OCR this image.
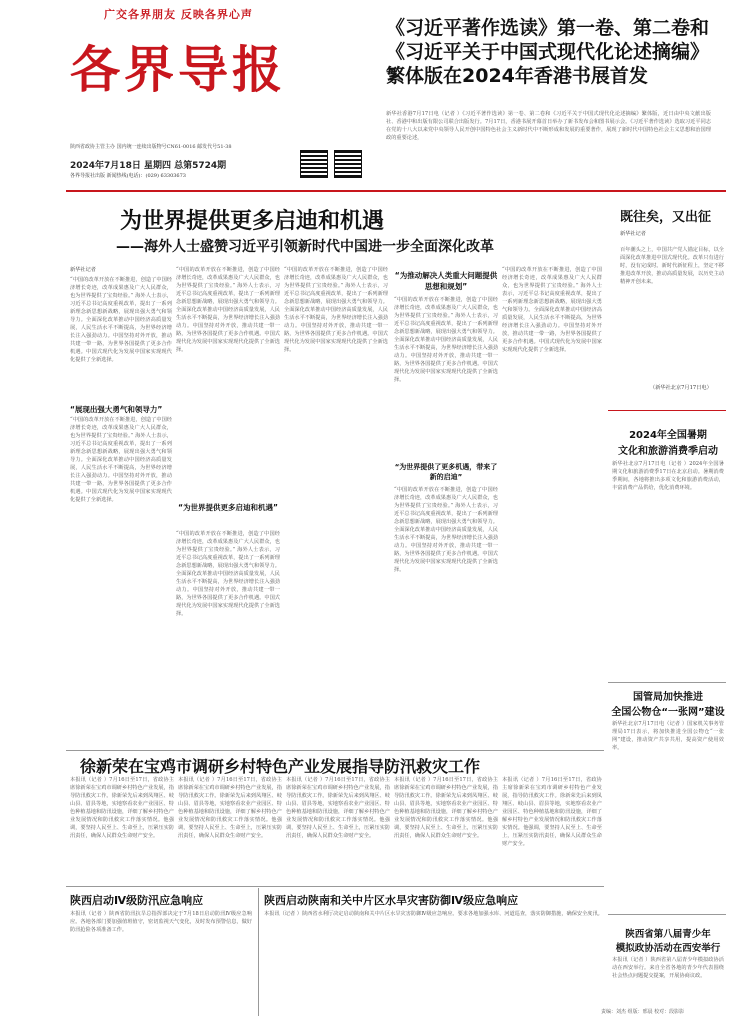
广交各界朋友 反映各界心声
各界导报
陕西省政协主管主办 国内统一连续出版物号CN61-0016 邮发代号51-38
2024年7月18日 星期四 总第5724期
各界导报社出版 新闻热线(电话)：(029) 63303673
《习近平著作选读》第一卷、第二卷和
《习近平关于中国式现代化论述摘编》
繁体版在2024年香港书展首发
新华社香港7月17日电（记者 ）《习近平著作选读》第一卷、第二卷和《习近平关于中国式现代化论述摘编》繁体版，近日由中央文献出版社、香港中和出版有限公司联合出版发行。7月17日，香港书展开幕首日举办了新书发布会和图书展示会。《习近平著作选读》选取习近平同志在党的十八大以来党中央领导人民开创中国特色社会主义新时代中不断形成和发展的重要著作，展现了新时代中国特色社会主义思想和治国理政的重要论述，
为世界提供更多启迪和机遇
——海外人士盛赞习近平引领新时代中国进一步全面深化改革
新华社记者
“中国的改革开放在不断推进，创造了中国经济增长奇迹，改革成果惠及广大人民群众，也为世界提供了宝贵经验。” 海外人士表示，习近平总书记高度重视改革，提出了一系列新理念新思想新战略，展现出强大勇气和领导力。全面深化改革推动中国经济高质量发展，人民生活水平不断提高，为世界经济增长注入强劲动力。中国坚持对外开放，推动共建一带一路，为世界各国提供了更多合作机遇。中国式现代化为发展中国家实现现代化提供了全新选择。
“展现出强大勇气和领导力”
“中国的改革开放在不断推进，创造了中国经济增长奇迹，改革成果惠及广大人民群众，也为世界提供了宝贵经验。” 海外人士表示，习近平总书记高度重视改革，提出了一系列新理念新思想新战略，展现出强大勇气和领导力。全面深化改革推动中国经济高质量发展，人民生活水平不断提高，为世界经济增长注入强劲动力。中国坚持对外开放，推动共建一带一路，为世界各国提供了更多合作机遇。中国式现代化为发展中国家实现现代化提供了全新选择。
“中国的改革开放在不断推进，创造了中国经济增长奇迹，改革成果惠及广大人民群众，也为世界提供了宝贵经验。” 海外人士表示，习近平总书记高度重视改革，提出了一系列新理念新思想新战略，展现出强大勇气和领导力。全面深化改革推动中国经济高质量发展，人民生活水平不断提高，为世界经济增长注入强劲动力。中国坚持对外开放，推动共建一带一路，为世界各国提供了更多合作机遇。中国式现代化为发展中国家实现现代化提供了全新选择。
“为世界提供更多启迪和机遇”
“中国的改革开放在不断推进，创造了中国经济增长奇迹，改革成果惠及广大人民群众，也为世界提供了宝贵经验。” 海外人士表示，习近平总书记高度重视改革，提出了一系列新理念新思想新战略，展现出强大勇气和领导力。全面深化改革推动中国经济高质量发展，人民生活水平不断提高，为世界经济增长注入强劲动力。中国坚持对外开放，推动共建一带一路，为世界各国提供了更多合作机遇。中国式现代化为发展中国家实现现代化提供了全新选择。
“中国的改革开放在不断推进，创造了中国经济增长奇迹，改革成果惠及广大人民群众，也为世界提供了宝贵经验。” 海外人士表示，习近平总书记高度重视改革，提出了一系列新理念新思想新战略，展现出强大勇气和领导力。全面深化改革推动中国经济高质量发展，人民生活水平不断提高，为世界经济增长注入强劲动力。中国坚持对外开放，推动共建一带一路，为世界各国提供了更多合作机遇。中国式现代化为发展中国家实现现代化提供了全新选择。
“为推动解决人类重大问题提供思想和规划”
“中国的改革开放在不断推进，创造了中国经济增长奇迹，改革成果惠及广大人民群众，也为世界提供了宝贵经验。” 海外人士表示，习近平总书记高度重视改革，提出了一系列新理念新思想新战略，展现出强大勇气和领导力。全面深化改革推动中国经济高质量发展，人民生活水平不断提高，为世界经济增长注入强劲动力。中国坚持对外开放，推动共建一带一路，为世界各国提供了更多合作机遇。中国式现代化为发展中国家实现现代化提供了全新选择。
“为世界提供了更多机遇，带来了新的启迪”
“中国的改革开放在不断推进，创造了中国经济增长奇迹，改革成果惠及广大人民群众，也为世界提供了宝贵经验。” 海外人士表示，习近平总书记高度重视改革，提出了一系列新理念新思想新战略，展现出强大勇气和领导力。全面深化改革推动中国经济高质量发展，人民生活水平不断提高，为世界经济增长注入强劲动力。中国坚持对外开放，推动共建一带一路，为世界各国提供了更多合作机遇。中国式现代化为发展中国家实现现代化提供了全新选择。
“中国的改革开放在不断推进，创造了中国经济增长奇迹，改革成果惠及广大人民群众，也为世界提供了宝贵经验。” 海外人士表示，习近平总书记高度重视改革，提出了一系列新理念新思想新战略，展现出强大勇气和领导力。全面深化改革推动中国经济高质量发展，人民生活水平不断提高，为世界经济增长注入强劲动力。中国坚持对外开放，推动共建一带一路，为世界各国提供了更多合作机遇。中国式现代化为发展中国家实现现代化提供了全新选择。
既往矣，又出征
新华社记者
百年潮头之上，中国共产党人锚定目标，以全面深化改革推进中国式现代化。改革只有进行时，没有完成时。新时代新征程上，坚定不移推进改革开放，推动高质量发展，以历史主动精神开创未来。
（新华社北京7月17日电）
2024年全国暑期
文化和旅游消费季启动
新华社北京7月17日电（记者 ）2024年全国暑期文化和旅游消费季17日在北京启动。暑期消费季期间，各地将推出多项文化和旅游消费活动，丰富消费产品供给，优化消费环境。
国管局加快推进
全国公物仓“一张网”建设
新华社北京7月17日电（记者 ）国家机关事务管理局17日表示，将加快推进全国公物仓“一张网”建设，推动资产共享共用，提高资产使用效率。
陕西省第八届青少年
模拟政协活动在西安举行
本报讯（记者 ）陕西省第八届青少年模拟政协活动在西安举行。来自全省各地的青少年代表围绕社会热点问题提交提案，开展协商议政。
徐新荣在宝鸡市调研乡村特色产业发展指导防汛救灾工作
本报讯（记者 ）7月16日至17日，省政协主席徐新荣在宝鸡市调研乡村特色产业发展，指导防汛救灾工作。徐新荣先后来到凤翔区、岐山县、眉县等地，实地察看农业产业园区、特色种植基地和防汛设施，详细了解乡村特色产业发展情况和防汛救灾工作落实情况。他强调，要坚持人民至上、生命至上，压紧压实防汛责任，确保人民群众生命财产安全。
本报讯（记者 ）7月16日至17日，省政协主席徐新荣在宝鸡市调研乡村特色产业发展，指导防汛救灾工作。徐新荣先后来到凤翔区、岐山县、眉县等地，实地察看农业产业园区、特色种植基地和防汛设施，详细了解乡村特色产业发展情况和防汛救灾工作落实情况。他强调，要坚持人民至上、生命至上，压紧压实防汛责任，确保人民群众生命财产安全。
本报讯（记者 ）7月16日至17日，省政协主席徐新荣在宝鸡市调研乡村特色产业发展，指导防汛救灾工作。徐新荣先后来到凤翔区、岐山县、眉县等地，实地察看农业产业园区、特色种植基地和防汛设施，详细了解乡村特色产业发展情况和防汛救灾工作落实情况。他强调，要坚持人民至上、生命至上，压紧压实防汛责任，确保人民群众生命财产安全。
本报讯（记者 ）7月16日至17日，省政协主席徐新荣在宝鸡市调研乡村特色产业发展，指导防汛救灾工作。徐新荣先后来到凤翔区、岐山县、眉县等地，实地察看农业产业园区、特色种植基地和防汛设施，详细了解乡村特色产业发展情况和防汛救灾工作落实情况。他强调，要坚持人民至上、生命至上，压紧压实防汛责任，确保人民群众生命财产安全。
本报讯（记者 ）7月16日至17日，省政协主席徐新荣在宝鸡市调研乡村特色产业发展，指导防汛救灾工作。徐新荣先后来到凤翔区、岐山县、眉县等地，实地察看农业产业园区、特色种植基地和防汛设施，详细了解乡村特色产业发展情况和防汛救灾工作落实情况。他强调，要坚持人民至上、生命至上，压紧压实防汛责任，确保人民群众生命财产安全。
陕西启动Ⅳ级防汛应急响应
本报讯（记者 ）陕西省防汛抗旱总指挥部决定于7月18日启动防汛Ⅳ级应急响应。各地各部门要加强值班值守，密切监视天气变化，及时发布预警信息，做好防汛抢险各项准备工作。
陕西启动陕南和关中片区水旱灾害防御Ⅳ级应急响应
本报讯（记者 ）陕西省水利厅决定启动陕南和关中片区水旱灾害防御Ⅳ级应急响应。要求各地加强水库、河道巡查，落实防御措施，确保安全度汛。
责编：刘杰 组版：邢晨 校对：段影影
